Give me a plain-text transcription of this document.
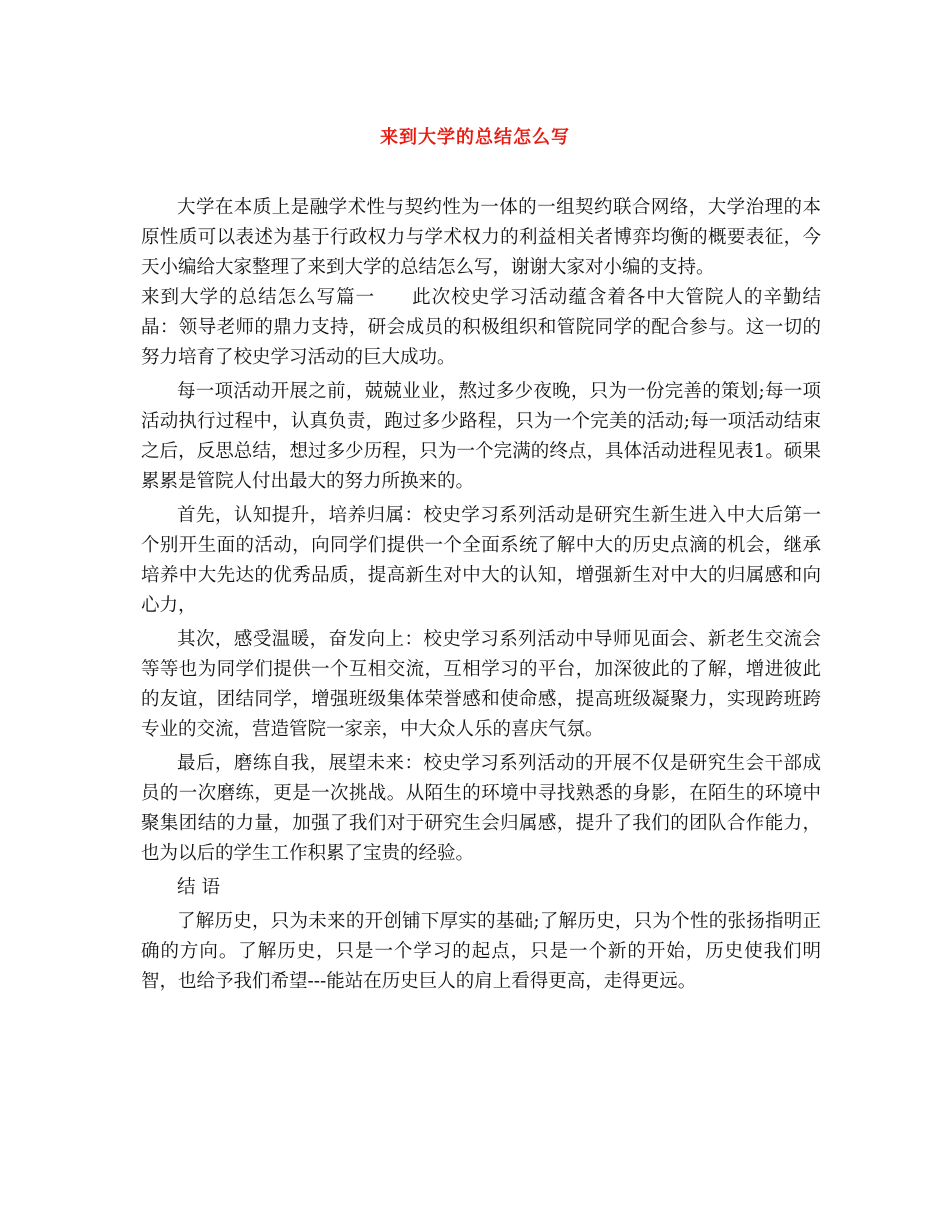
来到大学的总结怎么写

大学在本质上是融学术性与契约性为一体的一组契约联合网络，大学治理的本原性质可以表述为基于行政权力与学术权力的利益相关者博弈均衡的概要表征，今天小编给大家整理了来到大学的总结怎么写，谢谢大家对小编的支持。

来到大学的总结怎么写篇一 此次校史学习活动蕴含着各中大管院人的辛勤结晶：领导老师的鼎力支持，研会成员的积极组织和管院同学的配合参与。这一切的努力培育了校史学习活动的巨大成功。

每一项活动开展之前，兢兢业业，熬过多少夜晚，只为一份完善的策划;每一项活动执行过程中，认真负责，跑过多少路程，只为一个完美的活动;每一项活动结束之后，反思总结，想过多少历程，只为一个完满的终点，具体活动进程见表1。硕果累累是管院人付出最大的努力所换来的。

首先，认知提升，培养归属：校史学习系列活动是研究生新生进入中大后第一个别开生面的活动，向同学们提供一个全面系统了解中大的历史点滴的机会，继承培养中大先达的优秀品质，提高新生对中大的认知，增强新生对中大的归属感和向心力，

其次，感受温暖，奋发向上：校史学习系列活动中导师见面会、新老生交流会等等也为同学们提供一个互相交流，互相学习的平台，加深彼此的了解，增进彼此的友谊，团结同学，增强班级集体荣誉感和使命感，提高班级凝聚力，实现跨班跨专业的交流，营造管院一家亲，中大众人乐的喜庆气氛。

最后，磨练自我，展望未来：校史学习系列活动的开展不仅是研究生会干部成员的一次磨练，更是一次挑战。从陌生的环境中寻找熟悉的身影，在陌生的环境中聚集团结的力量，加强了我们对于研究生会归属感，提升了我们的团队合作能力，也为以后的学生工作积累了宝贵的经验。

结语

了解历史，只为未来的开创铺下厚实的基础;了解历史，只为个性的张扬指明正确的方向。了解历史，只是一个学习的起点，只是一个新的开始，历史使我们明智，也给予我们希望---能站在历史巨人的肩上看得更高，走得更远。
